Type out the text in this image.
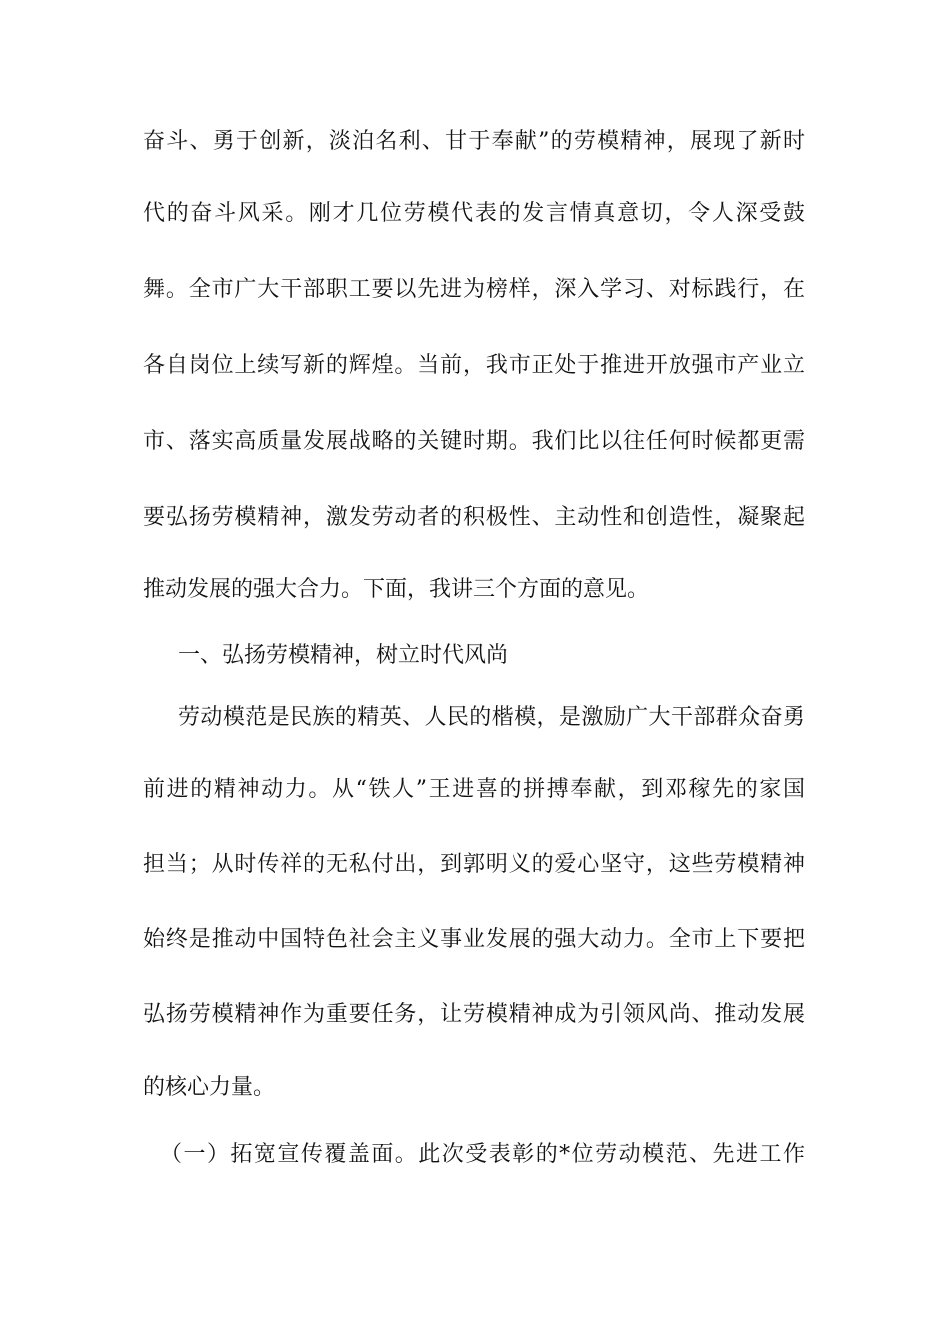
奋斗、勇于创新，淡泊名利、甘于奉献”的劳模精神，展现了新时
代的奋斗风采。刚才几位劳模代表的发言情真意切，令人深受鼓
舞。全市广大干部职工要以先进为榜样，深入学习、对标践行，在
各自岗位上续写新的辉煌。当前，我市正处于推进开放强市产业立
市、落实高质量发展战略的关键时期。我们比以往任何时候都更需
要弘扬劳模精神，激发劳动者的积极性、主动性和创造性，凝聚起
推动发展的强大合力。下面，我讲三个方面的意见。
一、弘扬劳模精神，树立时代风尚
劳动模范是民族的精英、人民的楷模，是激励广大干部群众奋勇
前进的精神动力。从“铁人”王进喜的拼搏奉献，到邓稼先的家国
担当；从时传祥的无私付出，到郭明义的爱心坚守，这些劳模精神
始终是推动中国特色社会主义事业发展的强大动力。全市上下要把
弘扬劳模精神作为重要任务，让劳模精神成为引领风尚、推动发展
的核心力量。
（一）拓宽宣传覆盖面。此次受表彰的*位劳动模范、先进工作
